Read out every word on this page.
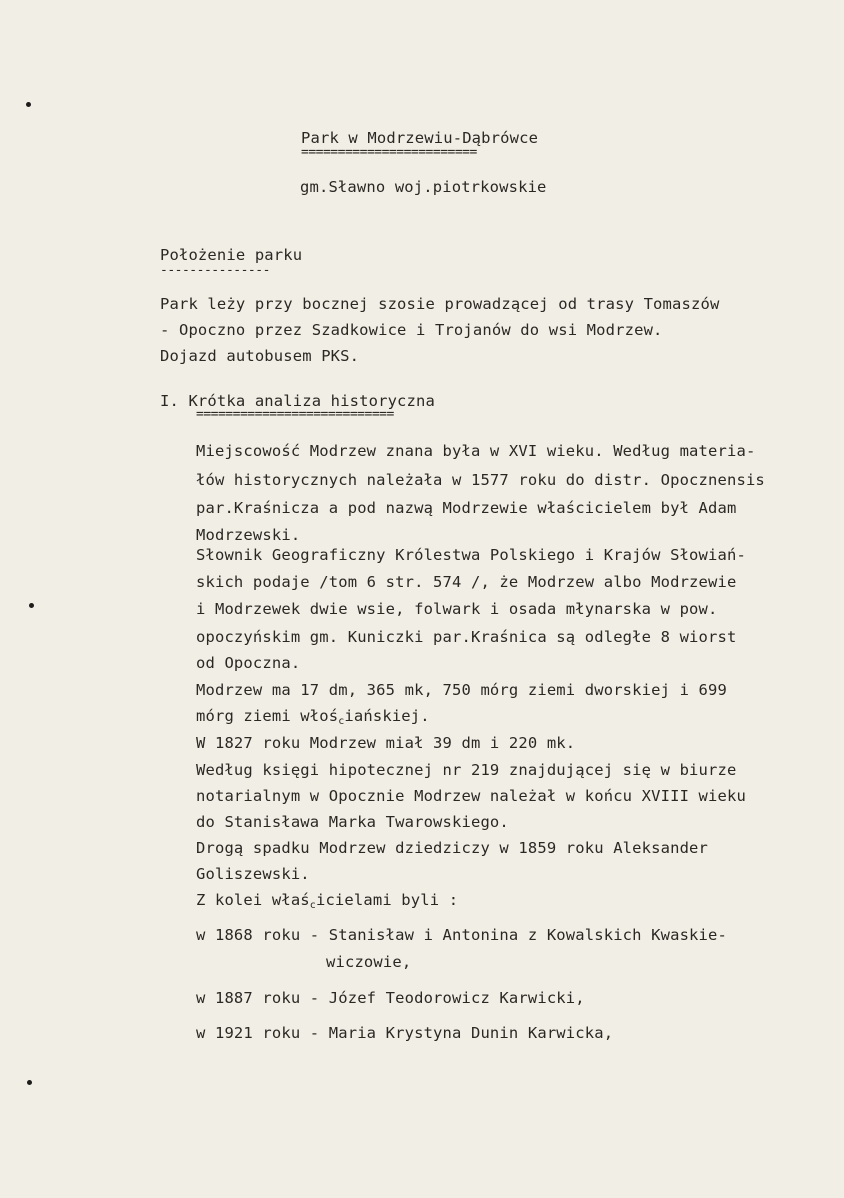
Park w Modrzewiu-Dąbrówce
========================
gm.Sławno woj.piotrkowskie
Położenie parku
---------------
Park leży przy bocznej szosie prowadzącej od trasy Tomaszów
- Opoczno przez Szadkowice i Trojanów do wsi Modrzew.
Dojazd autobusem PKS.
I. Krótka analiza historyczna
===========================
Miejscowość Modrzew znana była w XVI wieku. Według materia-
łów historycznych należała w 1577 roku do distr. Opocznensis
par.Kraśnicza a pod nazwą Modrzewie właścicielem był Adam
Modrzewski.
Słownik Geograficzny Królestwa Polskiego i Krajów Słowiań-
skich podaje /tom 6 str. 574 /, że Modrzew albo Modrzewie
i Modrzewek dwie wsie, folwark i osada młynarska w pow.
opoczyńskim gm. Kuniczki par.Kraśnica są odległe 8 wiorst
od Opoczna.
Modrzew ma 17 dm, 365 mk, 750 mórg ziemi dworskiej i 699
mórg ziemi włoś$_c$iańskiej.
W 1827 roku Modrzew miał 39 dm i 220 mk.
Według księgi hipotecznej nr 219 znajdującej się w biurze
notarialnym w Opocznie Modrzew należał w końcu XVIII wieku
do Stanisława Marka Twarowskiego.
Drogą spadku Modrzew dziedziczy w 1859 roku Aleksander
Goliszewski.
Z kolei właś$_c$icielami byli :
w 1868 roku - Stanisław i Antonina z Kowalskich Kwaskie-
wiczowie,
w 1887 roku - Józef Teodorowicz Karwicki,
w 1921 roku - Maria Krystyna Dunin Karwicka,
